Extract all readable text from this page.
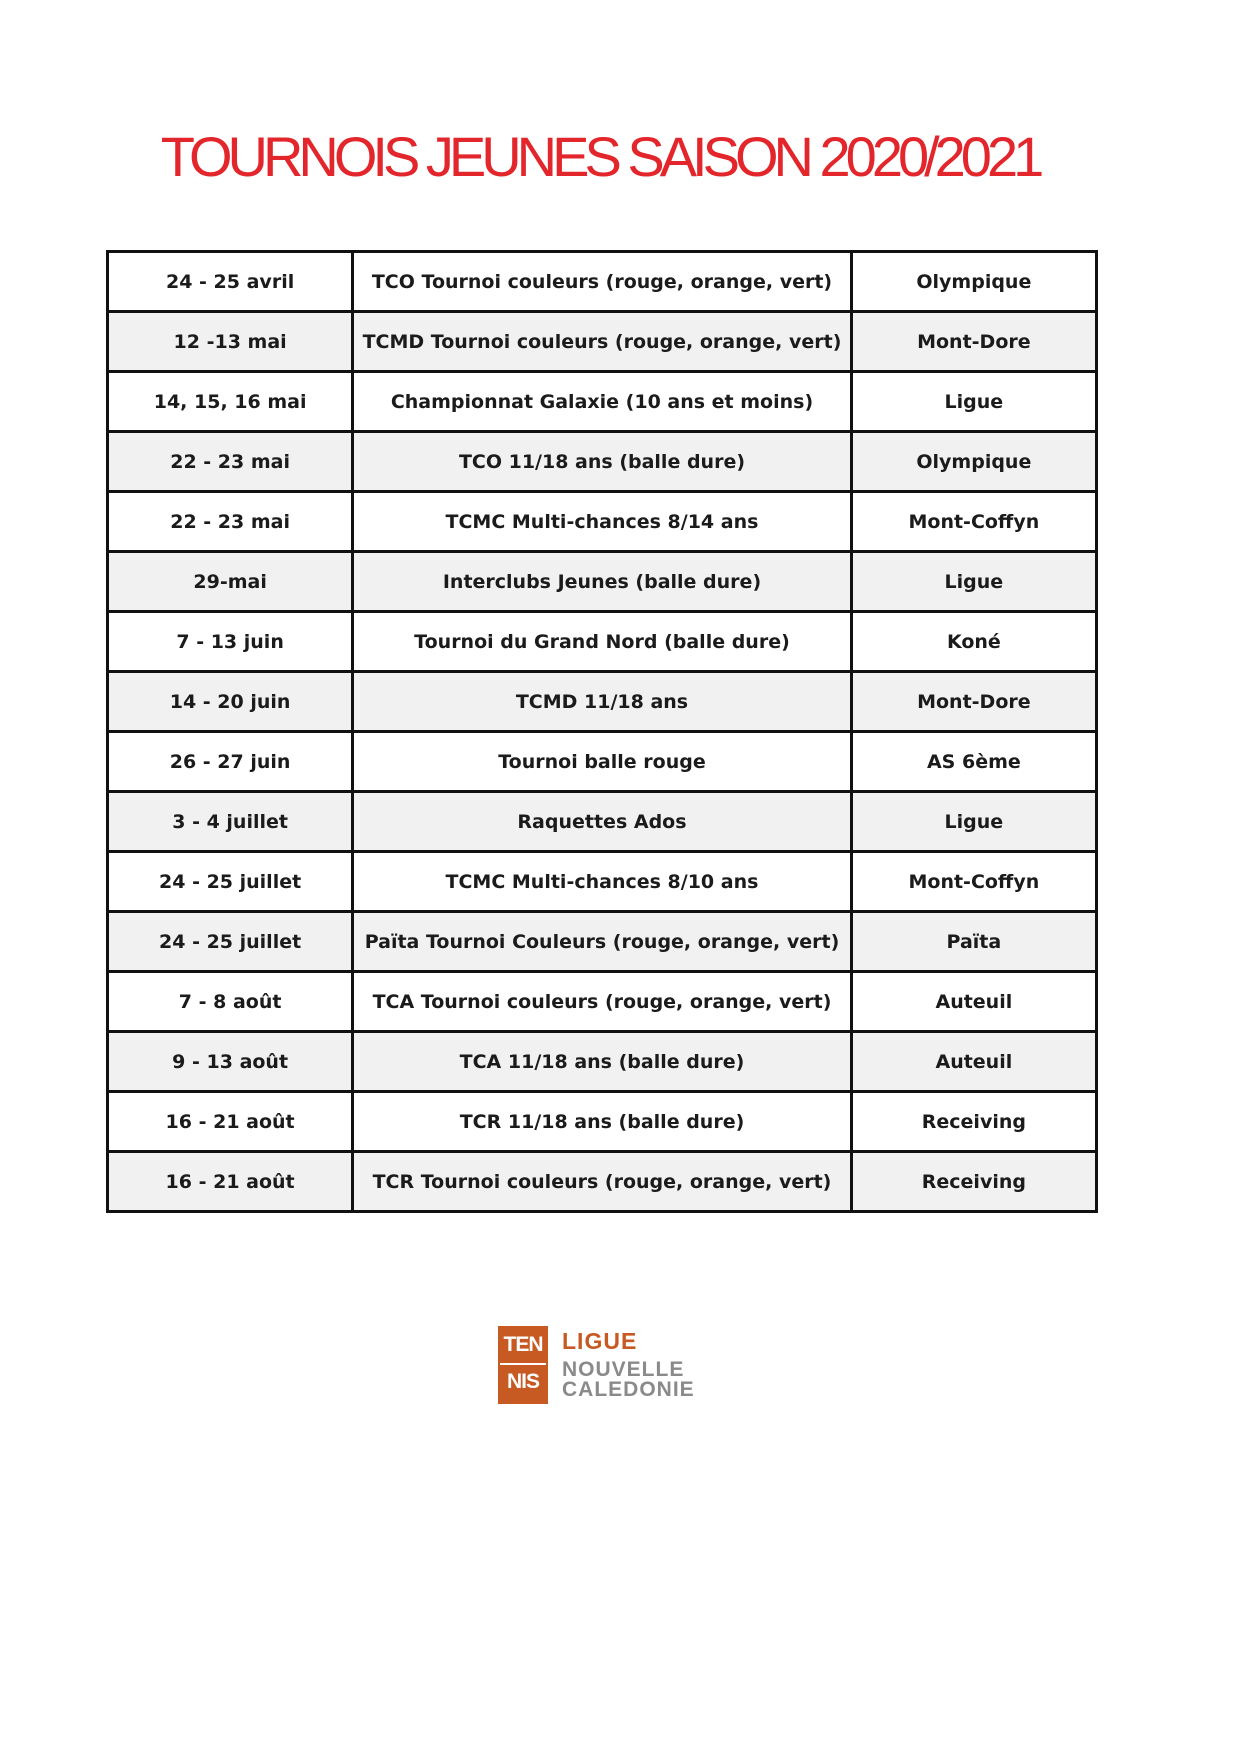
TOURNOIS JEUNES SAISON 2020/2021
24 - 25 avril	TCO Tournoi couleurs (rouge, orange, vert)	Olympique
12 -13 mai	TCMD Tournoi couleurs (rouge, orange, vert)	Mont-Dore
14, 15, 16 mai	Championnat Galaxie (10 ans et moins)	Ligue
22 - 23 mai	TCO 11/18 ans (balle dure)	Olympique
22 - 23 mai	TCMC Multi-chances 8/14 ans	Mont-Coffyn
29-mai	Interclubs Jeunes (balle dure)	Ligue
7 - 13 juin	Tournoi du Grand Nord (balle dure)	Koné
14 - 20 juin	TCMD 11/18 ans	Mont-Dore
26 - 27 juin	Tournoi balle rouge	AS 6ème
3 - 4 juillet	Raquettes Ados	Ligue
24 - 25 juillet	TCMC Multi-chances 8/10 ans	Mont-Coffyn
24 - 25 juillet	Païta Tournoi Couleurs (rouge, orange, vert)	Païta
7 - 8 août	TCA Tournoi couleurs (rouge, orange, vert)	Auteuil
9 - 13 août	TCA 11/18 ans (balle dure)	Auteuil
16 - 21 août	TCR 11/18 ans (balle dure)	Receiving
16 - 21 août	TCR Tournoi couleurs (rouge, orange, vert)	Receiving
TEN
NIS
LIGUE
NOUVELLE
CALEDONIE
